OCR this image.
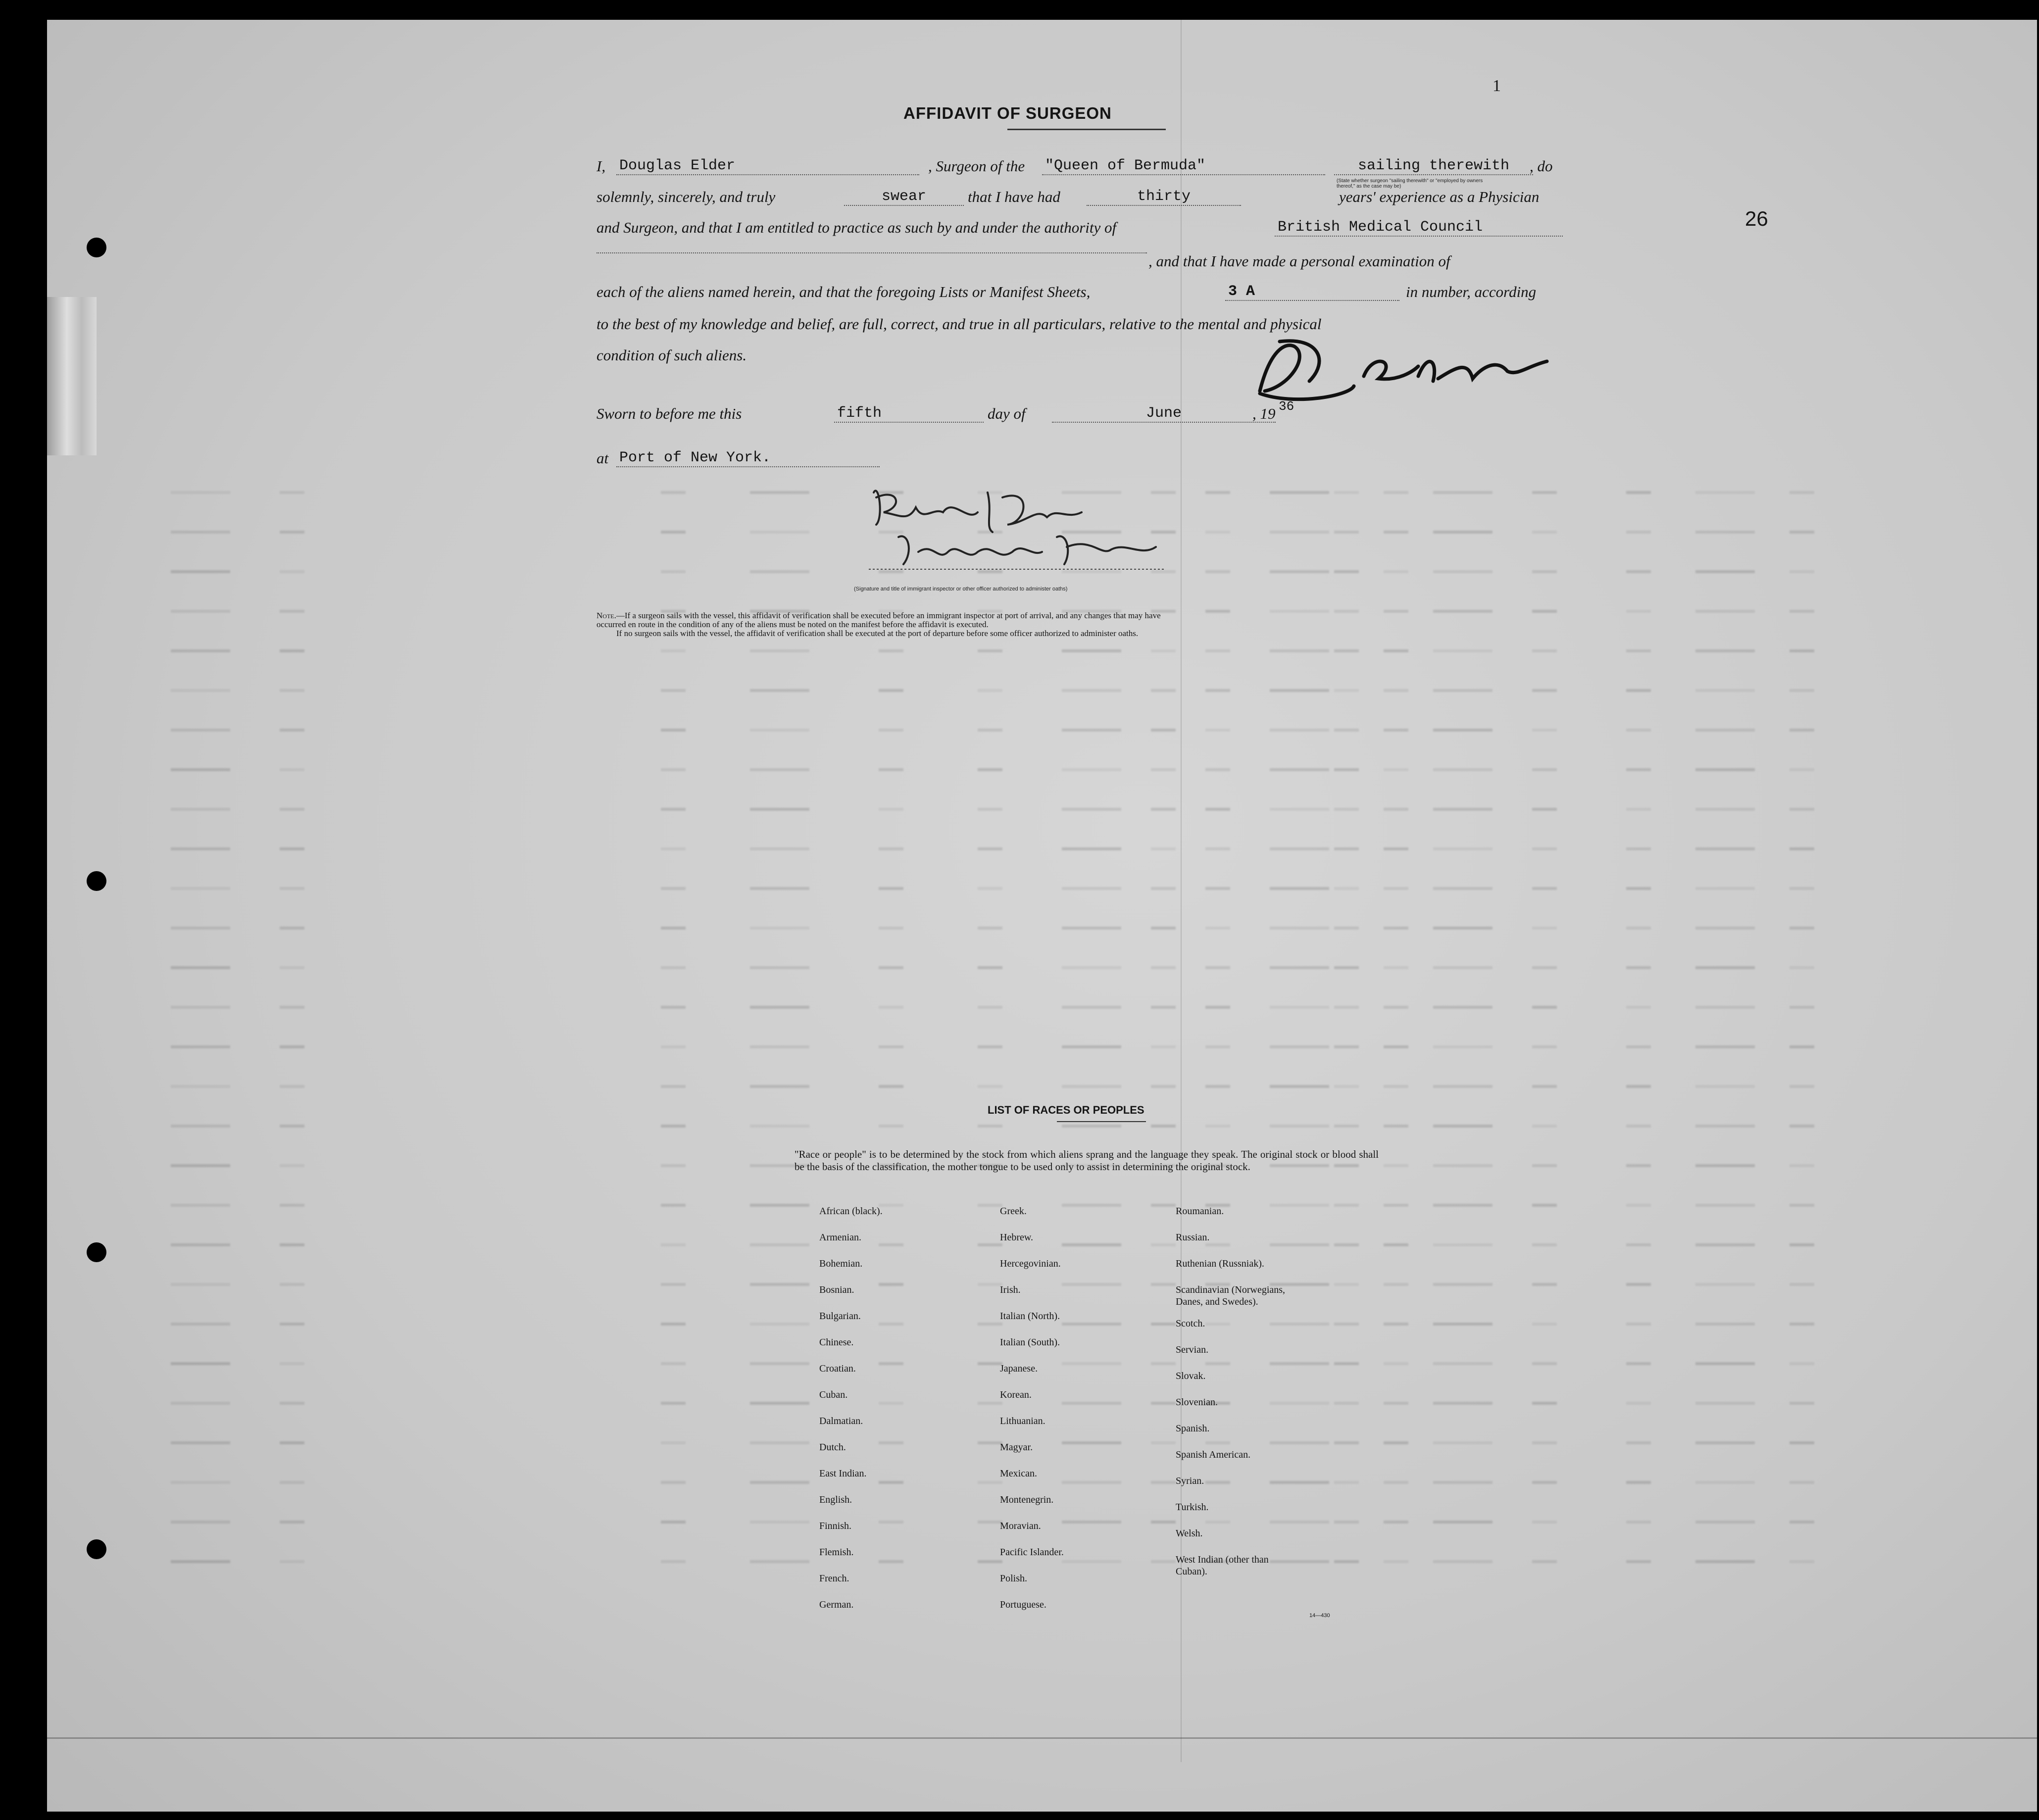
1
26
AFFIDAVIT OF SURGEON
I, Douglas Elder	, Surgeon of the "Queen of Bermuda"	sailing therewith	, do
(State whether surgeon "sailing therewith" or "employed by owners thereof," as the case may be)
solemnly, sincerely, and truly	swear	that I have had	thirty	years' experience as a Physician
and Surgeon, and that I am entitled to practice as such by and under the authority of	British Medical Council
, and that I have made a personal examination of
each of the aliens named herein, and that the foregoing Lists or Manifest Sheets,	3 A	in number, according
to the best of my knowledge and belief, are full, correct, and true in all particulars, relative to the mental and physical
condition of such aliens.
Sworn to before me this	fifth	day of	June	, 19 36
at Port of New York.
(Signature and title of immigrant inspector or other officer authorized to administer oaths)
Note.—If a surgeon sails with the vessel, this affidavit of verification shall be executed before an immigrant inspector at port of arrival, and any changes that may have
occurred en route in the condition of any of the aliens must be noted on the manifest before the affidavit is executed.
If no surgeon sails with the vessel, the affidavit of verification shall be executed at the port of departure before some officer authorized to administer oaths.
LIST OF RACES OR PEOPLES
"Race or people" is to be determined by the stock from which aliens sprang and the language they speak. The original stock or blood shall be the basis of the classification, the mother tongue to be used only to assist in determining the original stock.
African (black).
Armenian.
Bohemian.
Bosnian.
Bulgarian.
Chinese.
Croatian.
Cuban.
Dalmatian.
Dutch.
East Indian.
English.
Finnish.
Flemish.
French.
German.
Greek.
Hebrew.
Hercegovinian.
Irish.
Italian (North).
Italian (South).
Japanese.
Korean.
Lithuanian.
Magyar.
Mexican.
Montenegrin.
Moravian.
Pacific Islander.
Polish.
Portuguese.
Roumanian.
Russian.
Ruthenian (Russniak).
Scandinavian (Norwegians,
Danes, and Swedes).
Scotch.
Servian.
Slovak.
Slovenian.
Spanish.
Spanish American.
Syrian.
Turkish.
Welsh.
West Indian (other than
Cuban).
14—430
